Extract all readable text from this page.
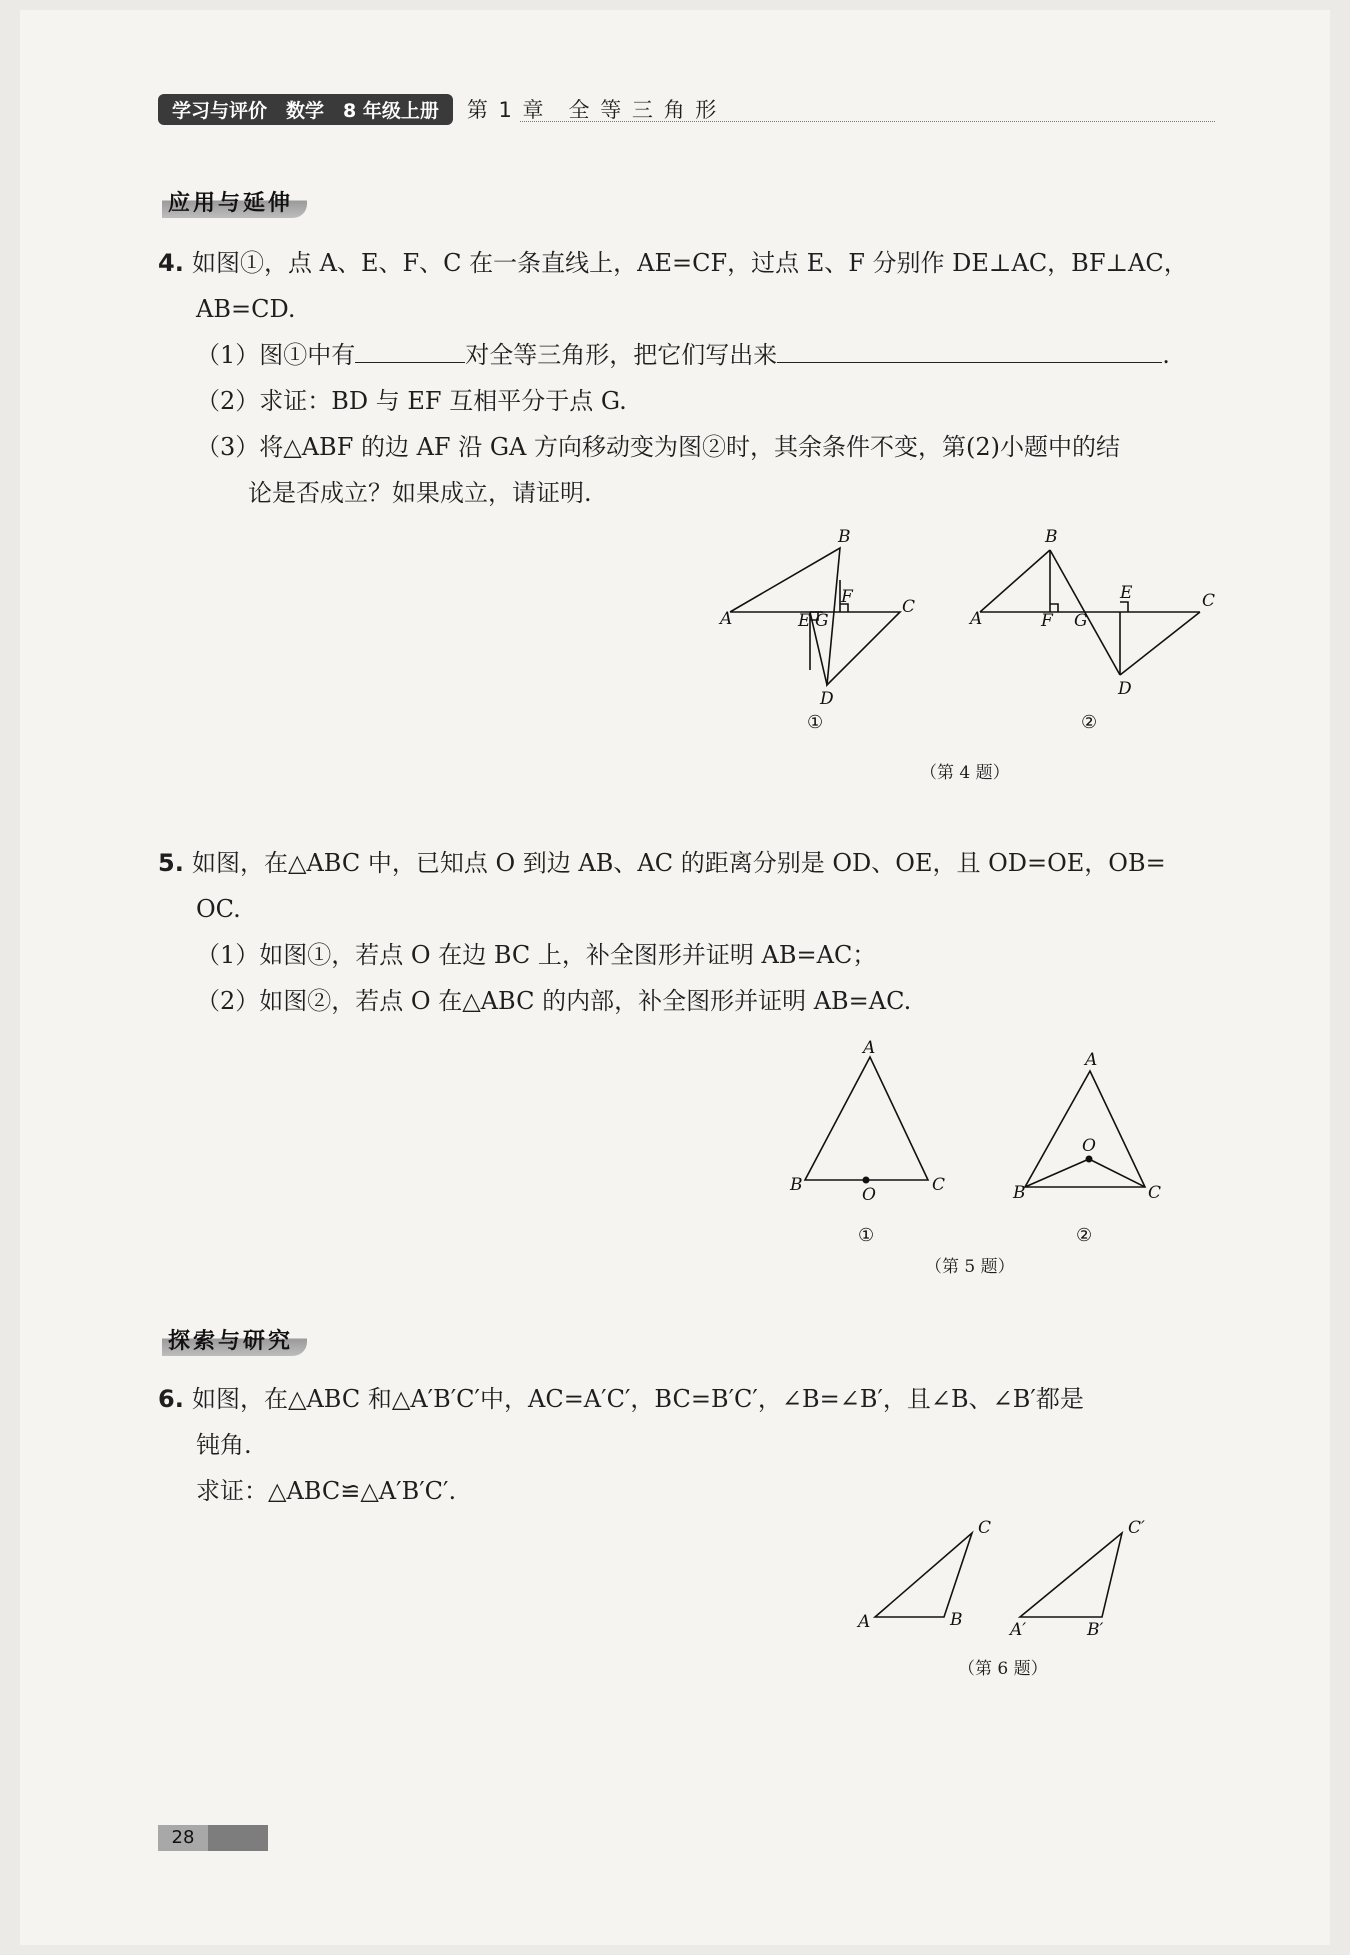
学习与评价　数学　8 年级上册	第 1 章　全 等 三 角 形
应用与延伸
4. 如图①，点 A、E、F、C 在一条直线上，AE=CF，过点 E、F 分别作 DE⊥AC，BF⊥AC，
AB=CD.
（1）图①中有	对全等三角形，把它们写出来	.
（2）求证：BD 与 EF 互相平分于点 G.
（3）将△ABF 的边 AF 沿 GA 方向移动变为图②时，其余条件不变，第(2)小题中的结
论是否成立？如果成立，请证明.
A
B
C
D
E
F
G	A
B
C
D
E
F G
①	②
（第 4 题）
5. 如图，在△ABC 中，已知点 O 到边 AB、AC 的距离分别是 OD、OE，且 OD=OE，OB=
OC.
（1）如图①，若点 O 在边 BC 上，补全图形并证明 AB=AC；
（2）如图②，若点 O 在△ABC 的内部，补全图形并证明 AB=AC.
A
B	C
O
A
B	C
O
①	②
（第 5 题）
探索与研究
6. 如图，在△ABC 和△A′B′C′中，AC=A′C′，BC=B′C′，∠B=∠B′，且∠B、∠B′都是
钝角.
求证：△ABC≌△A′B′C′.
A	B
C
A′	B′
C′
（第 6 题）
28
